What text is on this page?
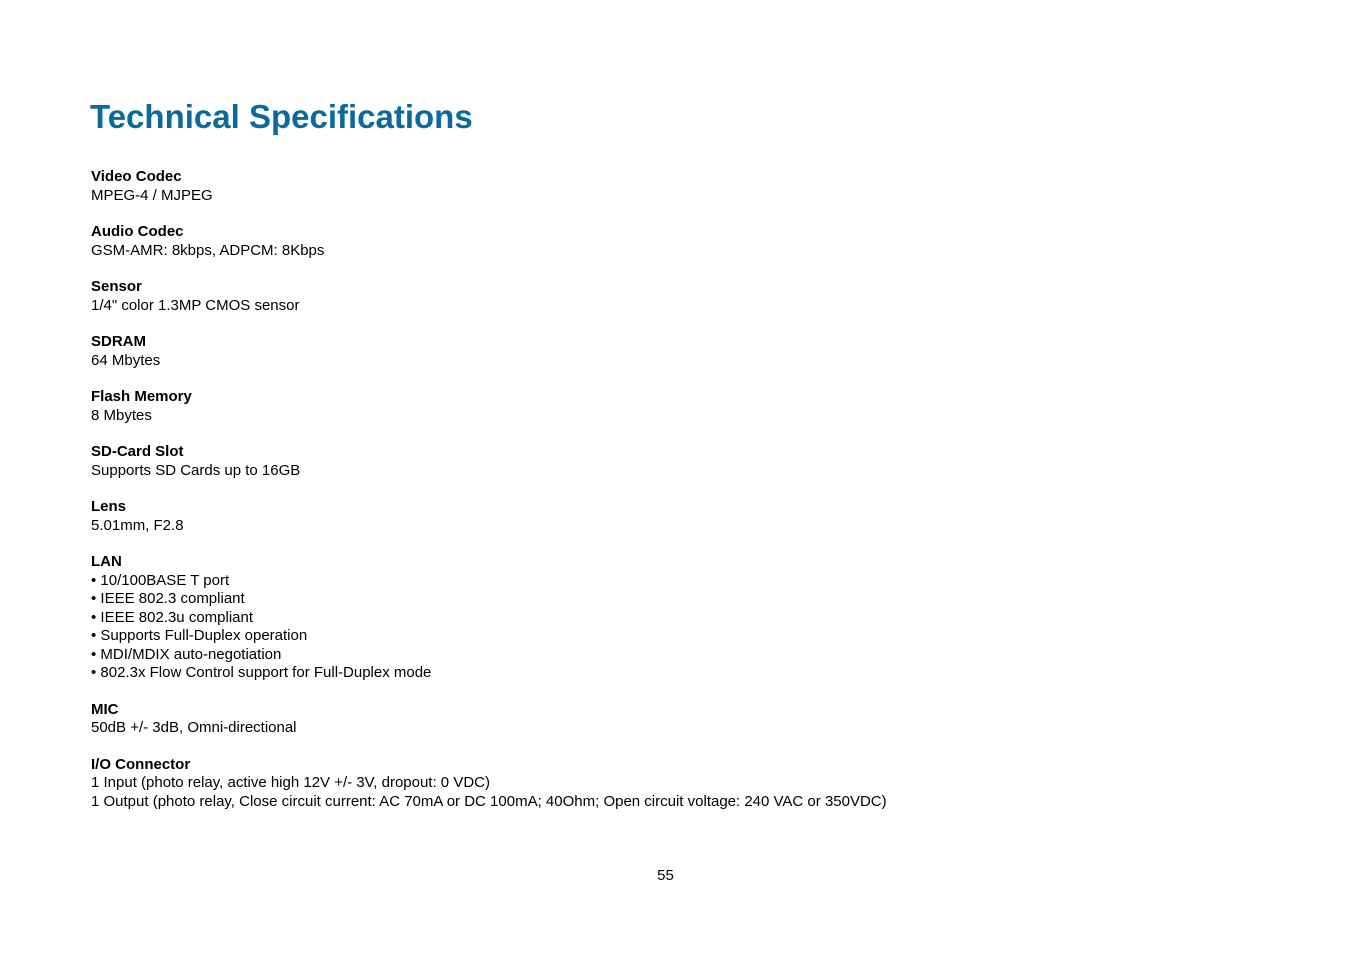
Technical Specifications
Video Codec
MPEG-4 / MJPEG
Audio Codec
GSM-AMR: 8kbps, ADPCM: 8Kbps
Sensor
1/4" color 1.3MP CMOS sensor
SDRAM
64 Mbytes
Flash Memory
8 Mbytes
SD-Card Slot
Supports SD Cards up to 16GB
Lens
5.01mm, F2.8
LAN
• 10/100BASE T port
• IEEE 802.3 compliant
• IEEE 802.3u compliant
• Supports Full-Duplex operation
• MDI/MDIX auto-negotiation
• 802.3x Flow Control support for Full-Duplex mode
MIC
50dB +/- 3dB, Omni-directional
I/O Connector
1 Input (photo relay, active high 12V +/- 3V, dropout: 0 VDC)
1 Output (photo relay, Close circuit current: AC 70mA or DC 100mA; 40Ohm; Open circuit voltage: 240 VAC or 350VDC)
55
